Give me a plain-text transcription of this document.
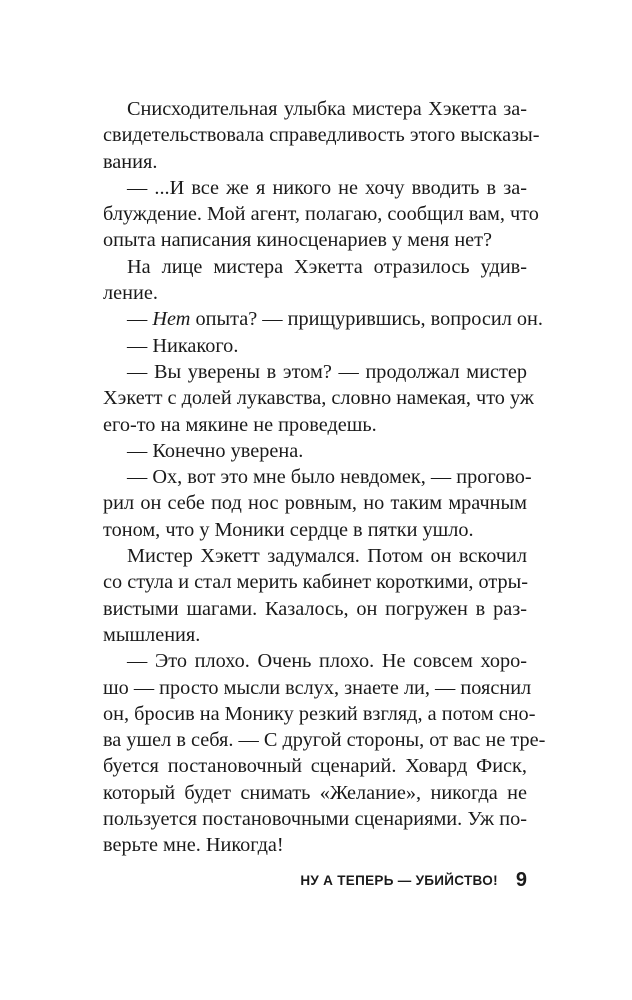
Снисходительная улыбка мистера Хэкетта за-
свидетельствовала справедливость этого высказы-
вания.
— ...И все же я никого не хочу вводить в за-
блуждение. Мой агент, полагаю, сообщил вам, что
опыта написания киносценариев у меня нет?
На лице мистера Хэкетта отразилось удив-
ление.
— Нет опыта? — прищурившись, вопросил он.
— Никакого.
— Вы уверены в этом? — продолжал мистер
Хэкетт с долей лукавства, словно намекая, что уж
его-то на мякине не проведешь.
— Конечно уверена.
— Ох, вот это мне было невдомек, — прогово-
рил он себе под нос ровным, но таким мрачным
тоном, что у Моники сердце в пятки ушло.
Мистер Хэкетт задумался. Потом он вскочил
со стула и стал мерить кабинет короткими, отры-
вистыми шагами. Казалось, он погружен в раз-
мышления.
— Это плохо. Очень плохо. Не совсем хоро-
шо — просто мысли вслух, знаете ли, — пояснил
он, бросив на Монику резкий взгляд, а потом сно-
ва ушел в себя. — С другой стороны, от вас не тре-
буется постановочный сценарий. Ховард Фиск,
который будет снимать «Желание», никогда не
пользуется постановочными сценариями. Уж по-
верьте мне. Никогда!
НУ А ТЕПЕРЬ — УБИЙСТВО! 9
